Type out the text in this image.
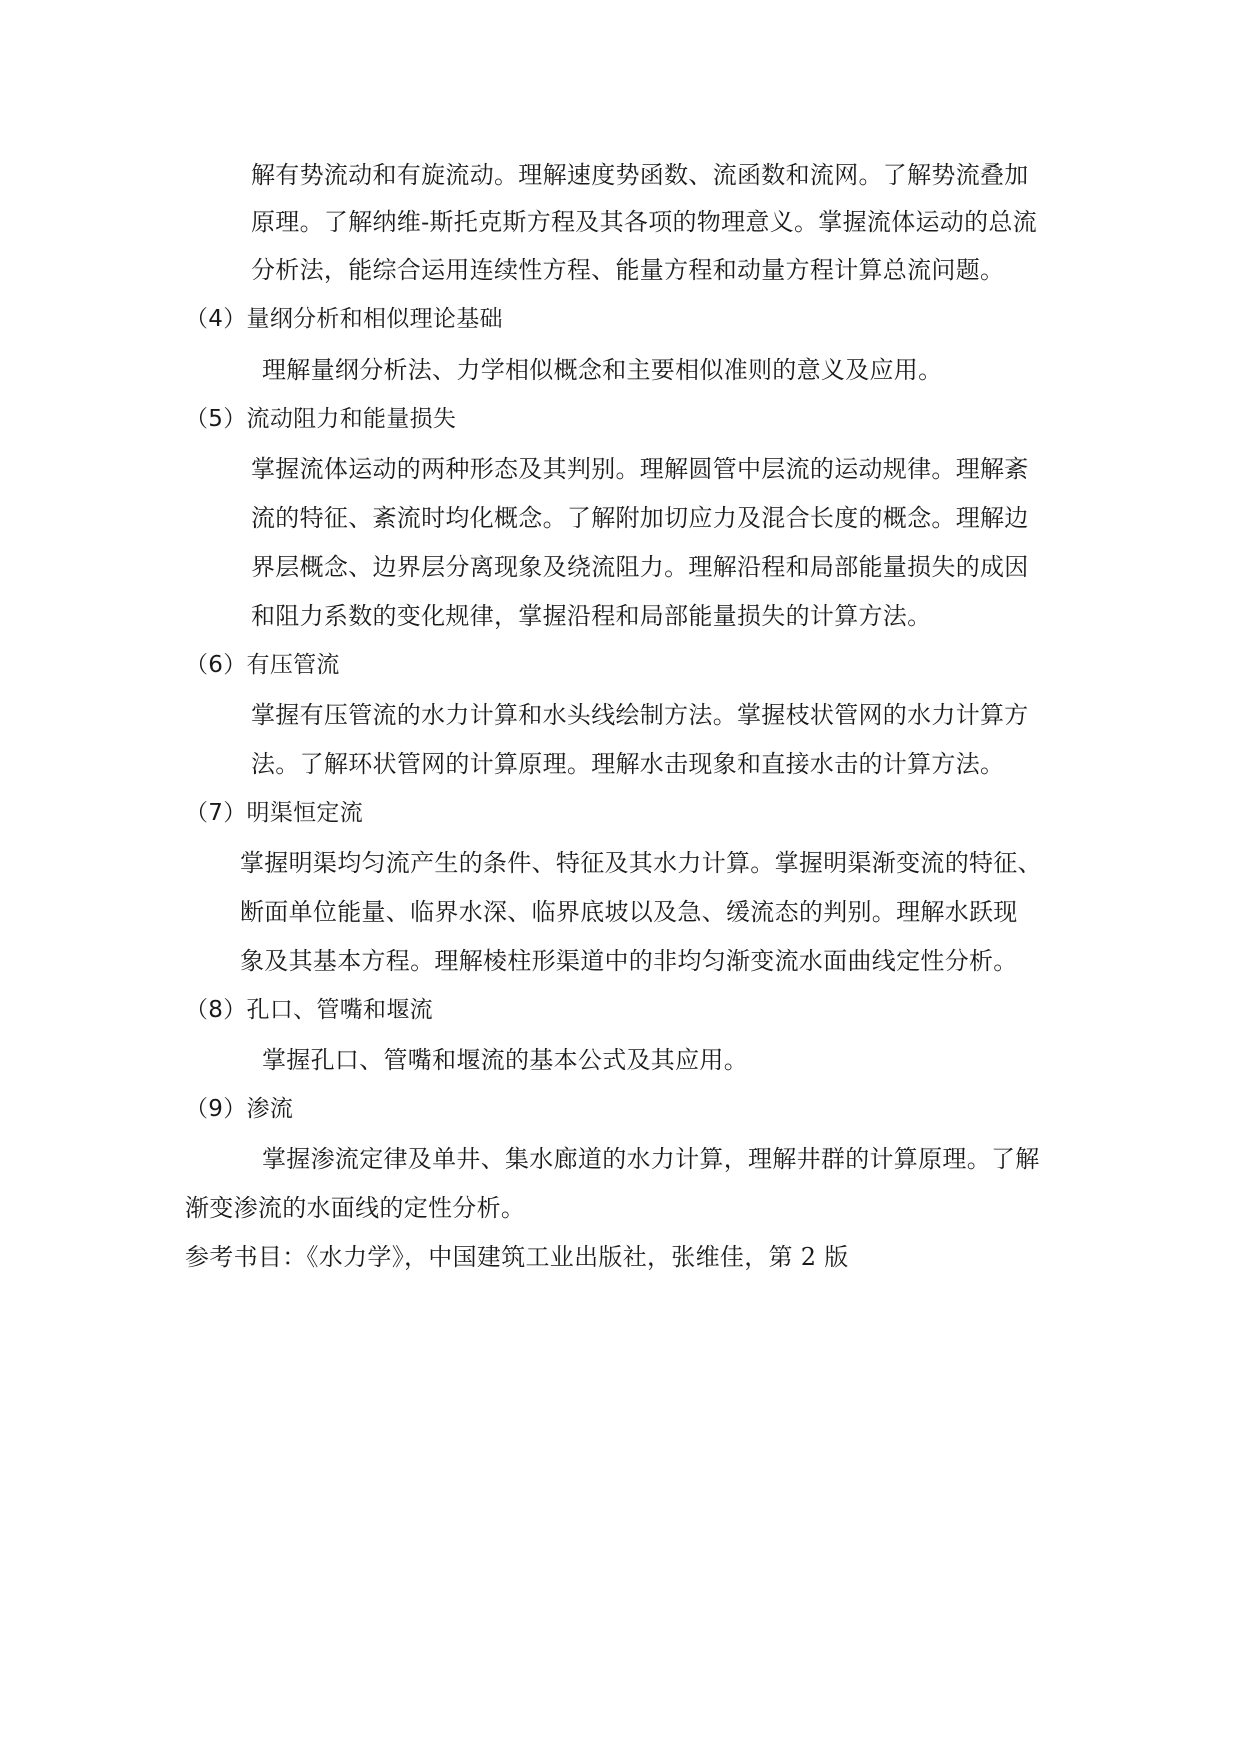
解有势流动和有旋流动。理解速度势函数、流函数和流网。了解势流叠加
原理。了解纳维-斯托克斯方程及其各项的物理意义。掌握流体运动的总流
分析法，能综合运用连续性方程、能量方程和动量方程计算总流问题。
（4）量纲分析和相似理论基础
理解量纲分析法、力学相似概念和主要相似准则的意义及应用。
（5）流动阻力和能量损失
掌握流体运动的两种形态及其判别。理解圆管中层流的运动规律。理解紊
流的特征、紊流时均化概念。了解附加切应力及混合长度的概念。理解边
界层概念、边界层分离现象及绕流阻力。理解沿程和局部能量损失的成因
和阻力系数的变化规律，掌握沿程和局部能量损失的计算方法。
（6）有压管流
掌握有压管流的水力计算和水头线绘制方法。掌握枝状管网的水力计算方
法。了解环状管网的计算原理。理解水击现象和直接水击的计算方法。
（7）明渠恒定流
掌握明渠均匀流产生的条件、特征及其水力计算。掌握明渠渐变流的特征、
断面单位能量、临界水深、临界底坡以及急、缓流态的判别。理解水跃现
象及其基本方程。理解棱柱形渠道中的非均匀渐变流水面曲线定性分析。
（8）孔口、管嘴和堰流
掌握孔口、管嘴和堰流的基本公式及其应用。
（9）渗流
掌握渗流定律及单井、集水廊道的水力计算，理解井群的计算原理。了解
渐变渗流的水面线的定性分析。
参考书目：《水力学》，中国建筑工业出版社，张维佳，第 2 版
